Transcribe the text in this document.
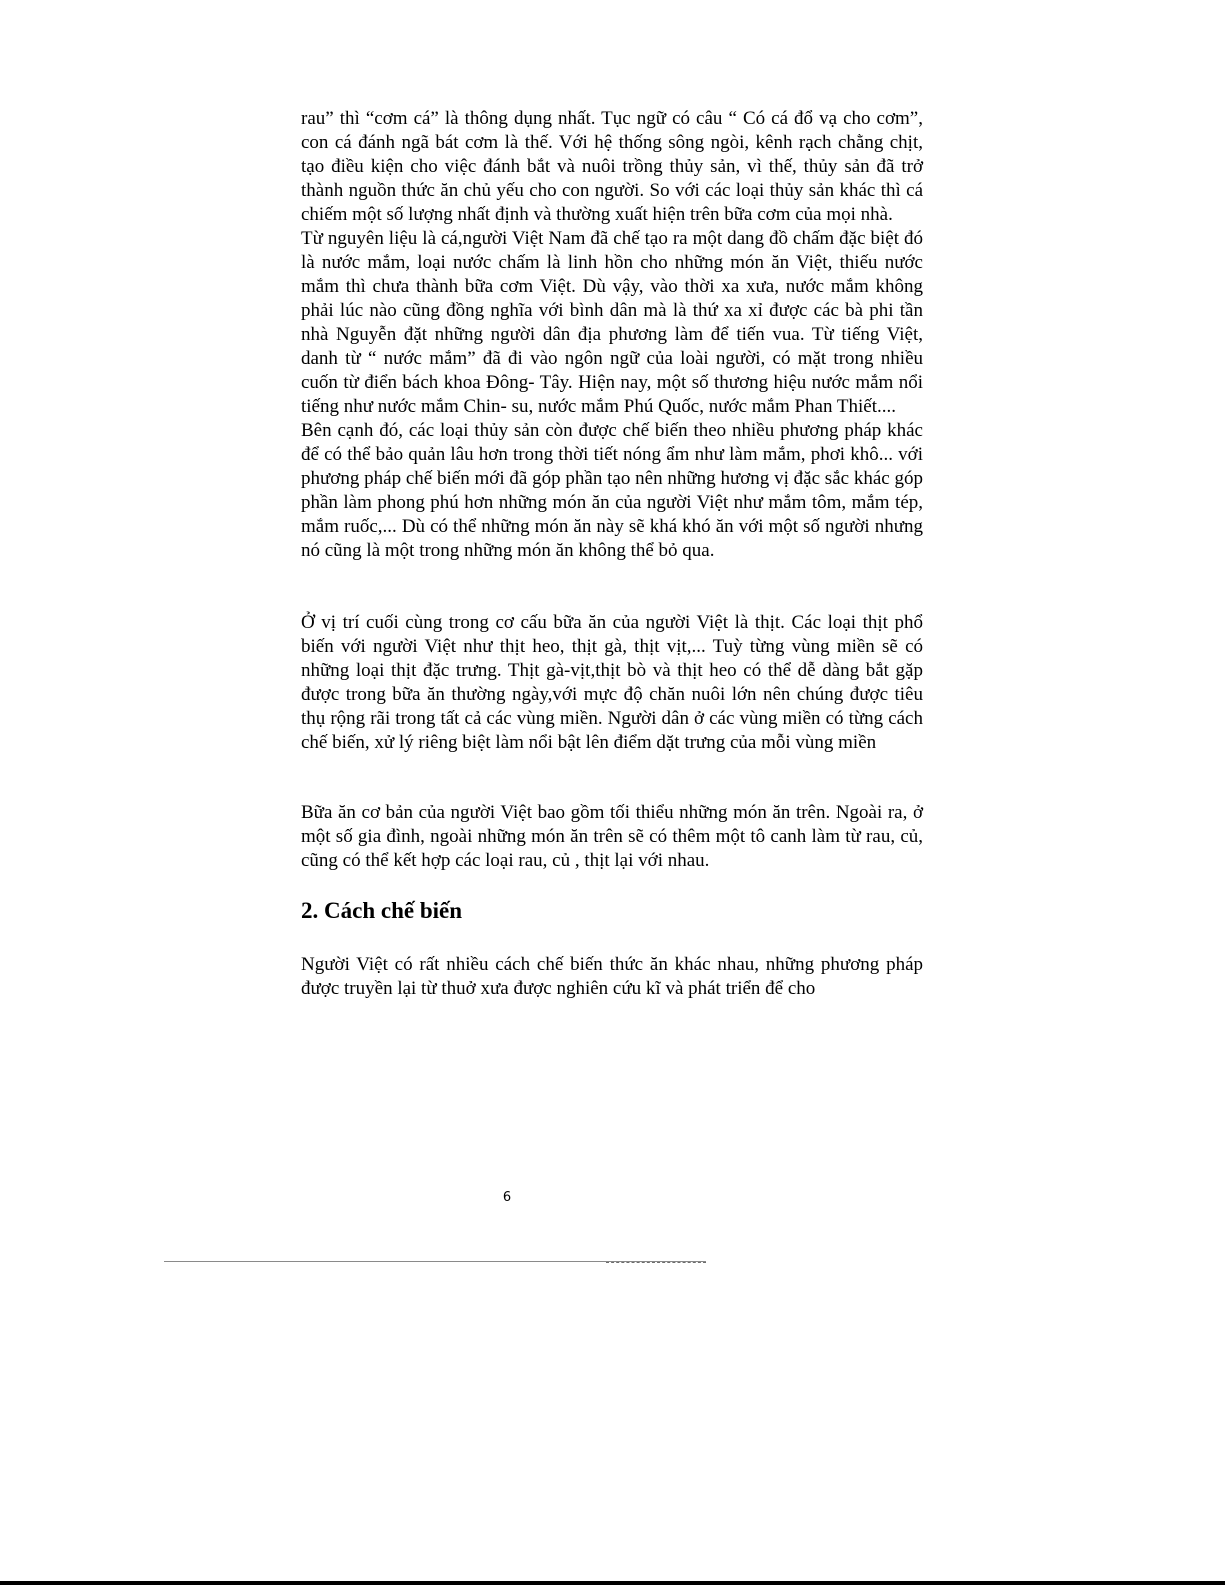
rau” thì “cơm cá” là thông dụng nhất. Tục ngữ có câu “ Có cá đổ vạ cho cơm”, con cá đánh ngã bát cơm là thế. Với hệ thống sông ngòi, kênh rạch chằng chịt, tạo điều kiện cho việc đánh bắt và nuôi trồng thủy sản, vì thế, thủy sản đã trở thành nguồn thức ăn chủ yếu cho con người. So với các loại thủy sản khác thì cá chiếm một số lượng nhất định và thường xuất hiện trên bữa cơm của mọi nhà.

Từ nguyên liệu là cá,người Việt Nam đã chế tạo ra một dang đồ chấm đặc biệt đó là nước mắm, loại nước chấm là linh hồn cho những món ăn Việt, thiếu nước mắm thì chưa thành bữa cơm Việt. Dù vậy, vào thời xa xưa, nước mắm không phải lúc nào cũng đồng nghĩa với bình dân mà là thứ xa xỉ được các bà phi tần nhà Nguyễn đặt những người dân địa phương làm để tiến vua. Từ tiếng Việt, danh từ “ nước mắm” đã đi vào ngôn ngữ của loài người, có mặt trong nhiều cuốn từ điển bách khoa Đông- Tây. Hiện nay, một số thương hiệu nước mắm nổi tiếng như nước mắm Chin- su, nước mắm Phú Quốc, nước mắm Phan Thiết....

Bên cạnh đó, các loại thủy sản còn được chế biến theo nhiều phương pháp khác để có thể bảo quản lâu hơn trong thời tiết nóng ẩm như làm mắm, phơi khô... với phương pháp chế biến mới đã góp phần tạo nên những hương vị đặc sắc khác góp phần làm phong phú hơn những món ăn của người Việt như mắm tôm, mắm tép, mắm ruốc,... Dù có thể những món ăn này sẽ khá khó ăn với một số người nhưng nó cũng là một trong những món ăn không thể bỏ qua.

Ở vị trí cuối cùng trong cơ cấu bữa ăn của người Việt là thịt. Các loại thịt phổ biến với người Việt như thịt heo, thịt gà, thịt vịt,... Tuỳ từng vùng miền sẽ có những loại thịt đặc trưng. Thịt gà-vịt,thịt bò và thịt heo có thể dễ dàng bắt gặp được trong bữa ăn thường ngày,với mực độ chăn nuôi lớn nên chúng được tiêu thụ rộng rãi trong tất cả các vùng miền. Người dân ở các vùng miền có từng cách chế biến, xử lý riêng biệt làm nổi bật lên điểm dặt trưng của mỗi vùng miền

Bữa ăn cơ bản của người Việt bao gồm tối thiểu những món ăn trên. Ngoài ra, ở một số gia đình, ngoài những món ăn trên sẽ có thêm một tô canh làm từ rau, củ, cũng có thể kết hợp các loại rau, củ , thịt lại với nhau.

2. Cách chế biến

Người Việt có rất nhiều cách chế biến thức ăn khác nhau, những phương pháp được truyền lại từ thuở xưa được nghiên cứu kĩ và phát triển để cho

6
